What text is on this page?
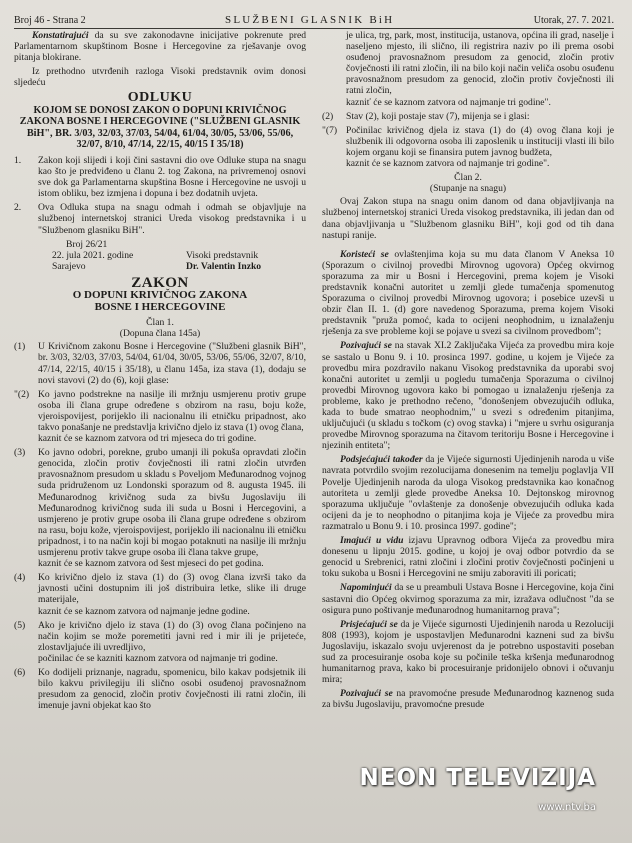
Broj 46 - Strana 2	SLUŽBENI GLASNIK BiH	Utorak, 27. 7. 2021.

Konstatirajući da su sve zakonodavne inicijative pokrenute pred Parlamentarnom skupštinom Bosne i Hercegovine za rješavanje ovog pitanja blokirane.

Iz prethodno utvrđenih razloga Visoki predstavnik ovim donosi sljedeću

ODLUKU
KOJOM SE DONOSI ZAKON O DOPUNI KRIVIČNOG ZAKONA BOSNE I HERCEGOVINE ("SLUŽBENI GLASNIK BiH", BR. 3/03, 32/03, 37/03, 54/04, 61/04, 30/05, 53/06, 55/06, 32/07, 8/10, 47/14, 22/15, 40/15 I 35/18)
1.	Zakon koji slijedi i koji čini sastavni dio ove Odluke stupa na snagu kao što je predviđeno u članu 2. tog Zakona, na privremenoj osnovi sve dok ga Parlamentarna skupština Bosne i Hercegovine ne usvoji u istom obliku, bez izmjena i dopuna i bez dodatnih uvjeta.
2.	Ova Odluka stupa na snagu odmah i odmah se objavljuje na službenoj internetskoj stranici Ureda visokog predstavnika i u "Službenom glasniku BiH".

Broj 26/21

22. jula 2021. godine	Visoki predstavnik
Sarajevo	Dr. Valentin Inzko
ZAKON
O DOPUNI KRIVIČNOG ZAKONA BOSNE I HERCEGOVINE

Član 1.

(Dopuna člana 145a)

(1)	U Krivičnom zakonu Bosne i Hercegovine ("Službeni glasnik BiH", br. 3/03, 32/03, 37/03, 54/04, 61/04, 30/05, 53/06, 55/06, 32/07, 8/10, 47/14, 22/15, 40/15 i 35/18), u članu 145a, iza stava (1), dodaju se novi stavovi (2) do (6), koji glase:
"(2) Ko javno podstrekne na nasilje ili mržnju usmjerenu protiv grupe osoba ili člana grupe određene s obzirom na rasu, boju kože, vjeroispovijest, porijeklo ili nacionalnu ili etničku pripadnost, ako takvo ponašanje ne predstavlja krivično djelo iz stava (1) ovog člana,
kaznit će se kaznom zatvora od tri mjeseca do tri godine.
(3)	Ko javno odobri, porekne, grubo umanji ili pokuša opravdati zločin genocida, zločin protiv čovječnosti ili ratni zločin utvrđen pravosnažnom presudom u skladu s Poveljom Međunarodnog vojnog suda pridruženom uz Londonski sporazum od 8. augusta 1945. ili Međunarodnog krivičnog suda za bivšu Jugoslaviju ili Međunarodnog krivičnog suda ili suda u Bosni i Hercegovini, a usmjereno je protiv grupe osoba ili člana grupe određene s obzirom na rasu, boju kože, vjeroispovijest, porijeklo ili nacionalnu ili etničku pripadnost, i to na način koji bi mogao potaknuti na nasilje ili mržnju usmjerenu protiv takve grupe osoba ili člana takve grupe,
kaznit će se kaznom zatvora od šest mjeseci do pet godina.
(4)	Ko krivično djelo iz stava (1) do (3) ovog člana izvrši tako da javnosti učini dostupnim ili još distribuira letke, slike ili druge materijale,
kaznit će se kaznom zatvora od najmanje jedne godine.
(5)	Ako je krivično djelo iz stava (1) do (3) ovog člana počinjeno na način kojim se može poremetiti javni red i mir ili je prijeteće, zlostavljajuće ili uvredljivo,
počinilac će se kazniti kaznom zatvora od najmanje tri godine.
(6)	Ko dodijeli priznanje, nagradu, spomenicu, bilo kakav podsjetnik ili bilo kakvu privilegiju ili slično osobi osuđenoj pravosnažnom presudom za genocid, zločin protiv čovječnosti ili ratni zločin, ili imenuje javni objekat kao što
je ulica, trg, park, most, institucija, ustanova, općina ili grad, naselje i naseljeno mjesto, ili slično, ili registrira naziv po ili prema osobi osuđenoj pravosnažnom presudom za genocid, zločin protiv čovječnosti ili ratni zločin, ili na bilo koji način veliča osobu osuđenu pravosnažnom presudom za genocid, zločin protiv čovječnosti ili ratni zločin,
kazniť će se kaznom zatvora od najmanje tri godine".
(2)	Stav (2), koji postaje stav (7), mijenja se i glasi:
"(7) Počinilac krivičnog djela iz stava (1) do (4) ovog člana koji je službenik ili odgovorna osoba ili zaposlenik u instituciji vlasti ili bilo kojem organu koji se finansira putem javnog budžeta,
kaznit će se kaznom zatvora od najmanje tri godine".

Član 2.

(Stupanje na snagu)

Ovaj Zakon stupa na snagu onim danom od dana objavljivanja na službenoj internetskoj stranici Ureda visokog predstavnika, ili jedan dan od dana objavljivanja u "Službenom glasniku BiH", koji god od tih dana nastupi ranije.

Koristeći se ovlaštenjima koja su mu data članom V Aneksa 10 (Sporazum o civilnoj provedbi Mirovnog ugovora) Općeg okvirnog sporazuma za mir u Bosni i Hercegovini, prema kojem je Visoki predstavnik konačni autoritet u zemlji glede tumačenja spomenutog Sporazuma o civilnoj provedbi Mirovnog ugovora; i posebice uzevši u obzir član II. 1. (d) gore navedenog Sporazuma, prema kojem Visoki predstavnik "pruža pomoć, kada to ocijeni neophodnim, u iznalaženju rješenja za sve probleme koji se pojave u svezi sa civilnom provedbom";

Pozivajući se na stavak XI.2 Zaključaka Vijeća za provedbu mira koje se sastalo u Bonu 9. i 10. prosinca 1997. godine, u kojem je Vijeće za provedbu mira pozdravilo nakanu Visokog predstavnika da uporabi svoj konačni autoritet u zemlji u pogledu tumačenja Sporazuma o civilnoj provedbi Mirovnog ugovora kako bi pomogao u iznalaženju rješenja za probleme, kako je prethodno rečeno, "donošenjem obvezujućih odluka, kada to bude smatrao neophodnim," u svezi s određenim pitanjima, uključujući (u skladu s točkom (c) ovog stavka) i "mjere u svrhu osiguranja provedbe Mirovnog sporazuma na čitavom teritoriju Bosne i Hercegovine i njezinih entiteta";

Podsjećajući također da je Vijeće sigurnosti Ujedinjenih naroda u više navrata potvrdilo svojim rezolucijama donesenim na temelju poglavlja VII Povelje Ujedinjenih naroda da uloga Visokog predstavnika kao konačnog autoriteta u zemlji glede provedbe Aneksa 10. Dejtonskog mirovnog sporazuma uključuje "ovlaštenje za donošenje obvezujućih odluka kada ocijeni da je to neophodno o pitanjima koja je Vijeće za provedbu mira razmatralo u Bonu 9. i 10. prosinca 1997. godine";

Imajući u vidu izjavu Upravnog odbora Vijeća za provedbu mira donesenu u lipnju 2015. godine, u kojoj je ovaj odbor potvrdio da se genocid u Srebrenici, ratni zločini i zločini protiv čovječnosti počinjeni u toku sukoba u Bosni i Hercegovini ne smiju zaboraviti ili poricati;

Napominjući da se u preambuli Ustava Bosne i Hercegovine, koja čini sastavni dio Općeg okvirnog sporazuma za mir, izražava odlučnost "da se osigura puno poštivanje međunarodnog humanitarnog prava";

Prisjećajući se da je Vijeće sigurnosti Ujedinjenih naroda u Rezoluciji 808 (1993), kojom je uspostavljen Međunarodni kazneni sud za bivšu Jugoslaviju, iskazalo svoju uvjerenost da je potrebno uspostaviti poseban sud za procesuiranje osoba koje su počinile teška kršenja međunarodnog humanitarnog prava, kako bi procesuiranje pridonijelo obnovi i očuvanju mira;

Pozivajući se na pravomoćne presude Međunarodnog kaznenog suda za bivšu Jugoslaviju, pravomoćne presude

NEON TELEVIZIJA
www.ntv.ba
